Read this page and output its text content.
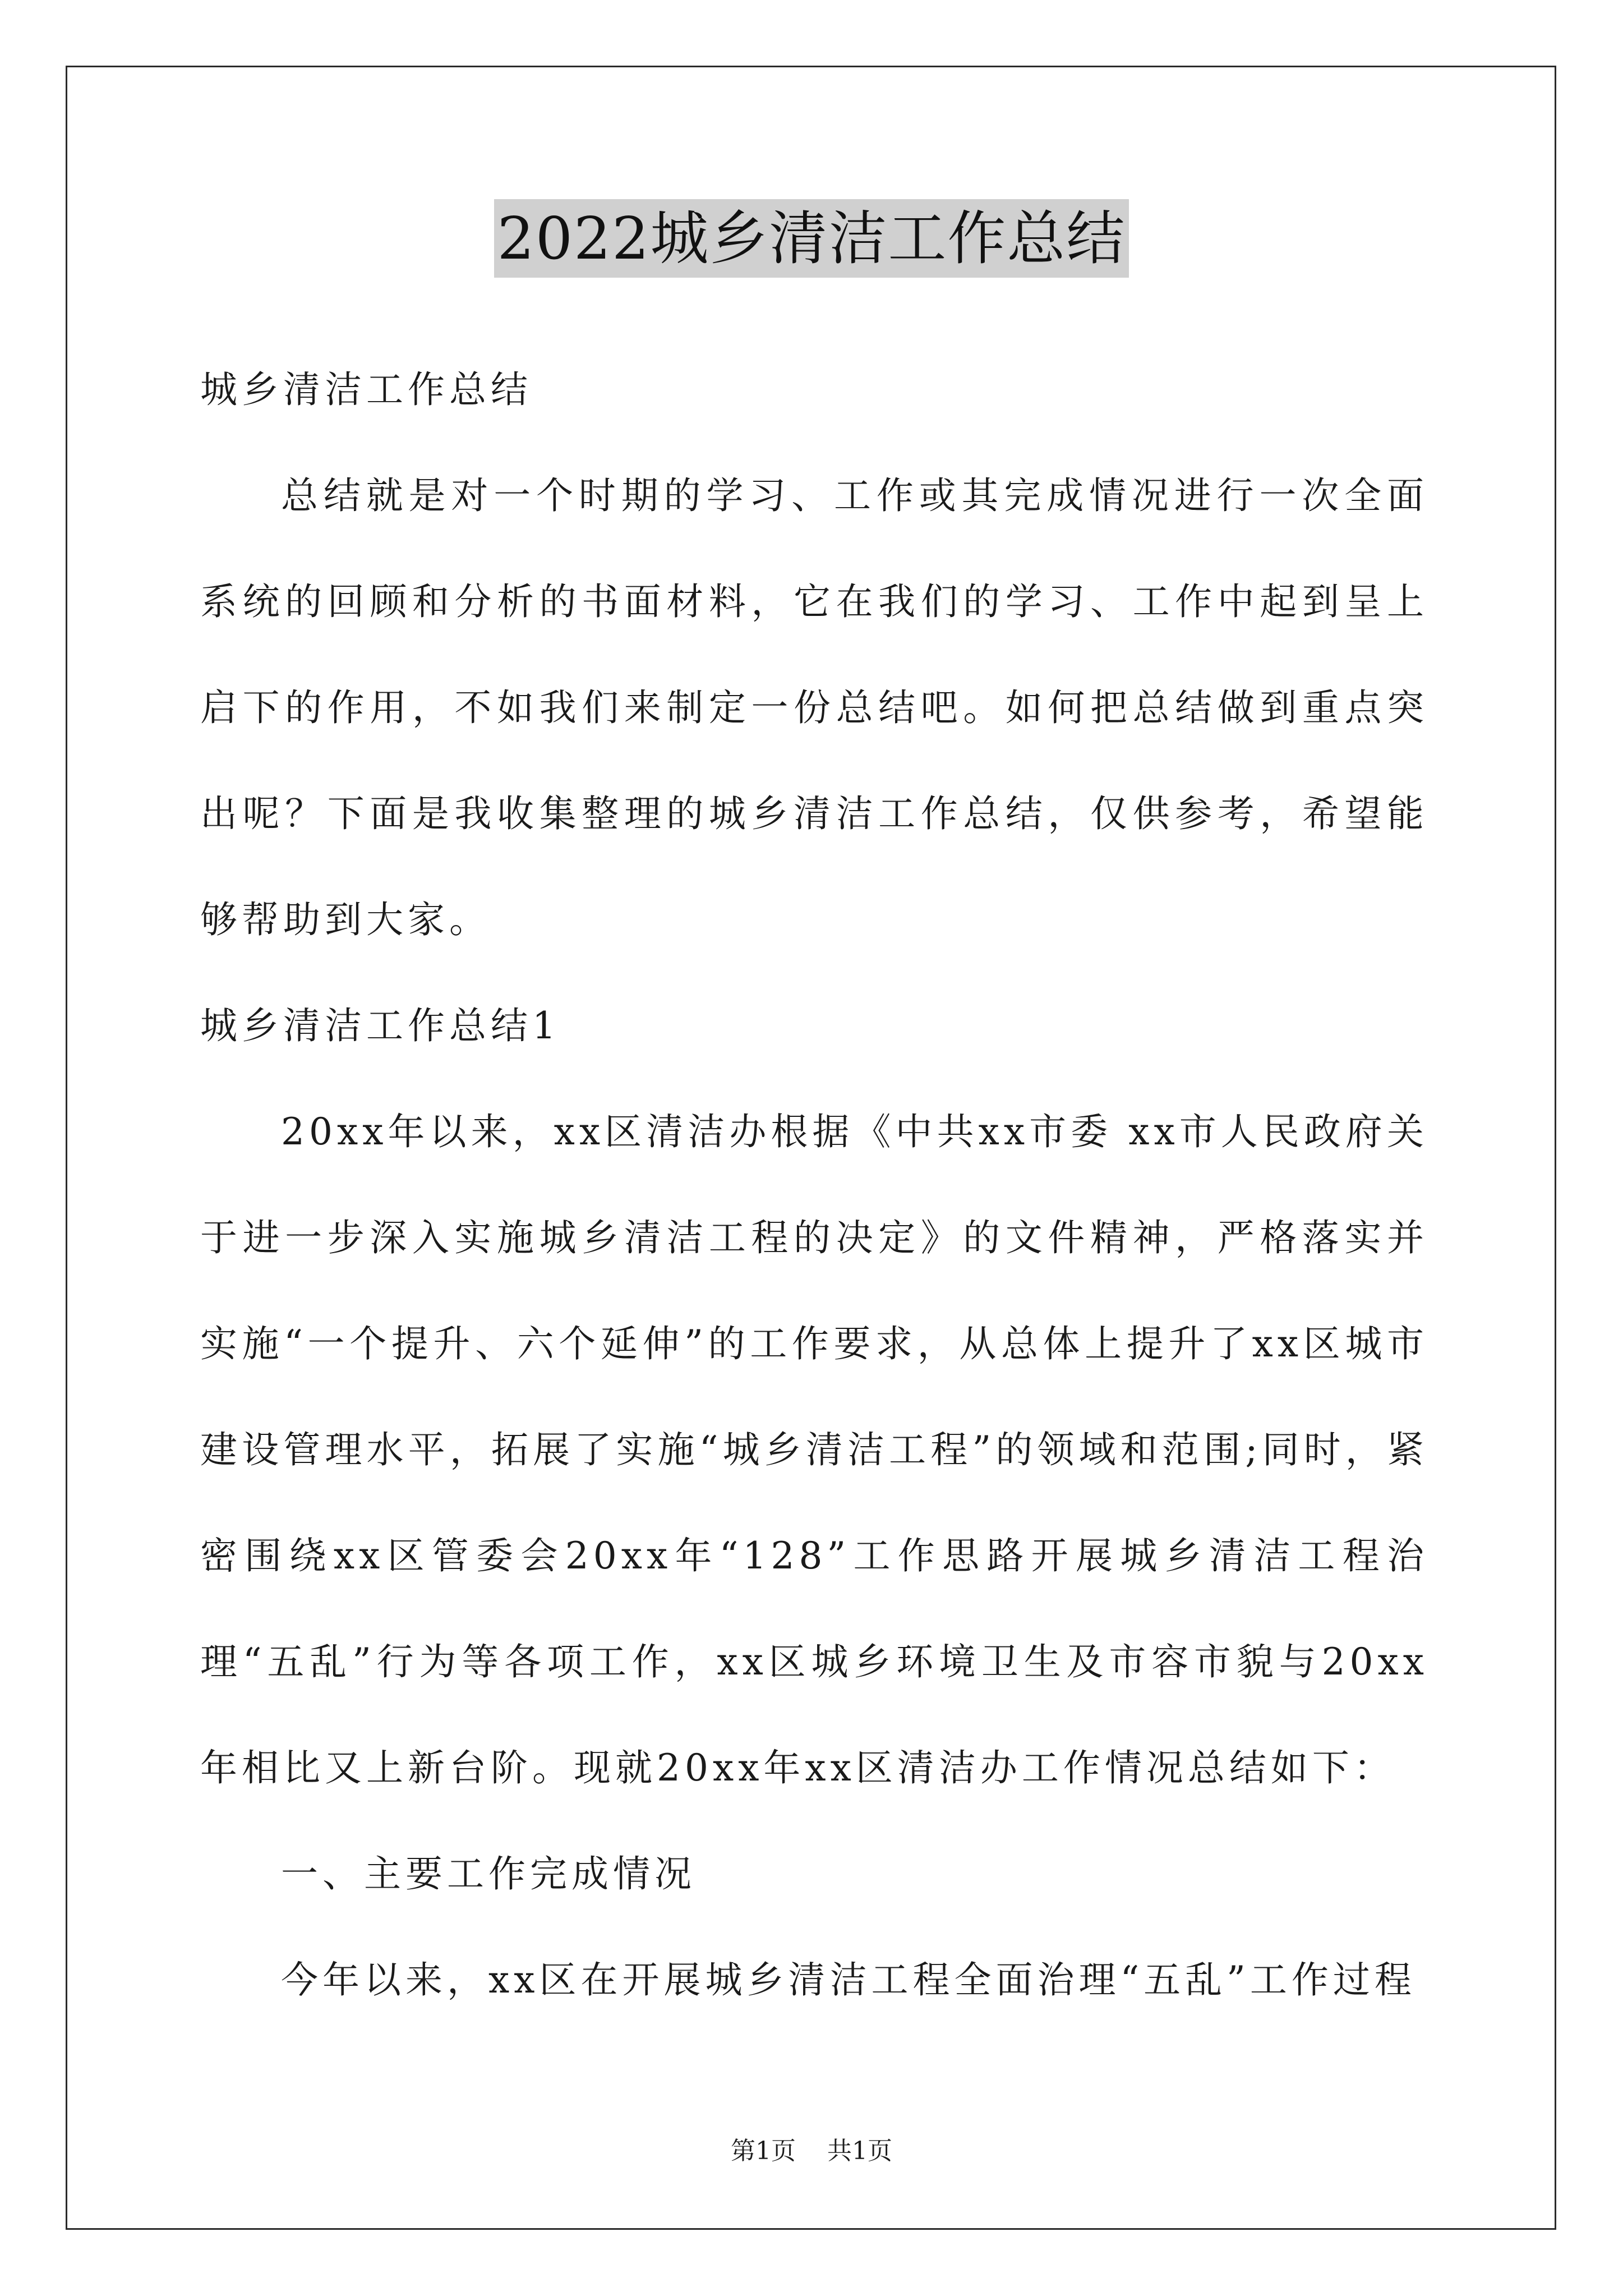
2022城乡清洁工作总结

城乡清洁工作总结

总结就是对一个时期的学习、工作或其完成情况进行一次全面系统的回顾和分析的书面材料，它在我们的学习、工作中起到呈上启下的作用，不如我们来制定一份总结吧。如何把总结做到重点突出呢？下面是我收集整理的城乡清洁工作总结，仅供参考，希望能够帮助到大家。

城乡清洁工作总结1

20xx年以来，xx区清洁办根据《中共xx市委 xx市人民政府关于进一步深入实施城乡清洁工程的决定》的文件精神，严格落实并实施“一个提升、六个延伸”的工作要求，从总体上提升了xx区城市建设管理水平，拓展了实施“城乡清洁工程”的领域和范围;同时，紧密围绕xx区管委会20xx年“128”工作思路开展城乡清洁工程治理“五乱”行为等各项工作，xx区城乡环境卫生及市容市貌与20xx年相比又上新台阶。现就20xx年xx区清洁办工作情况总结如下：

一、主要工作完成情况

今年以来，xx区在开展城乡清洁工程全面治理“五乱”工作过程

第1页 共1页
